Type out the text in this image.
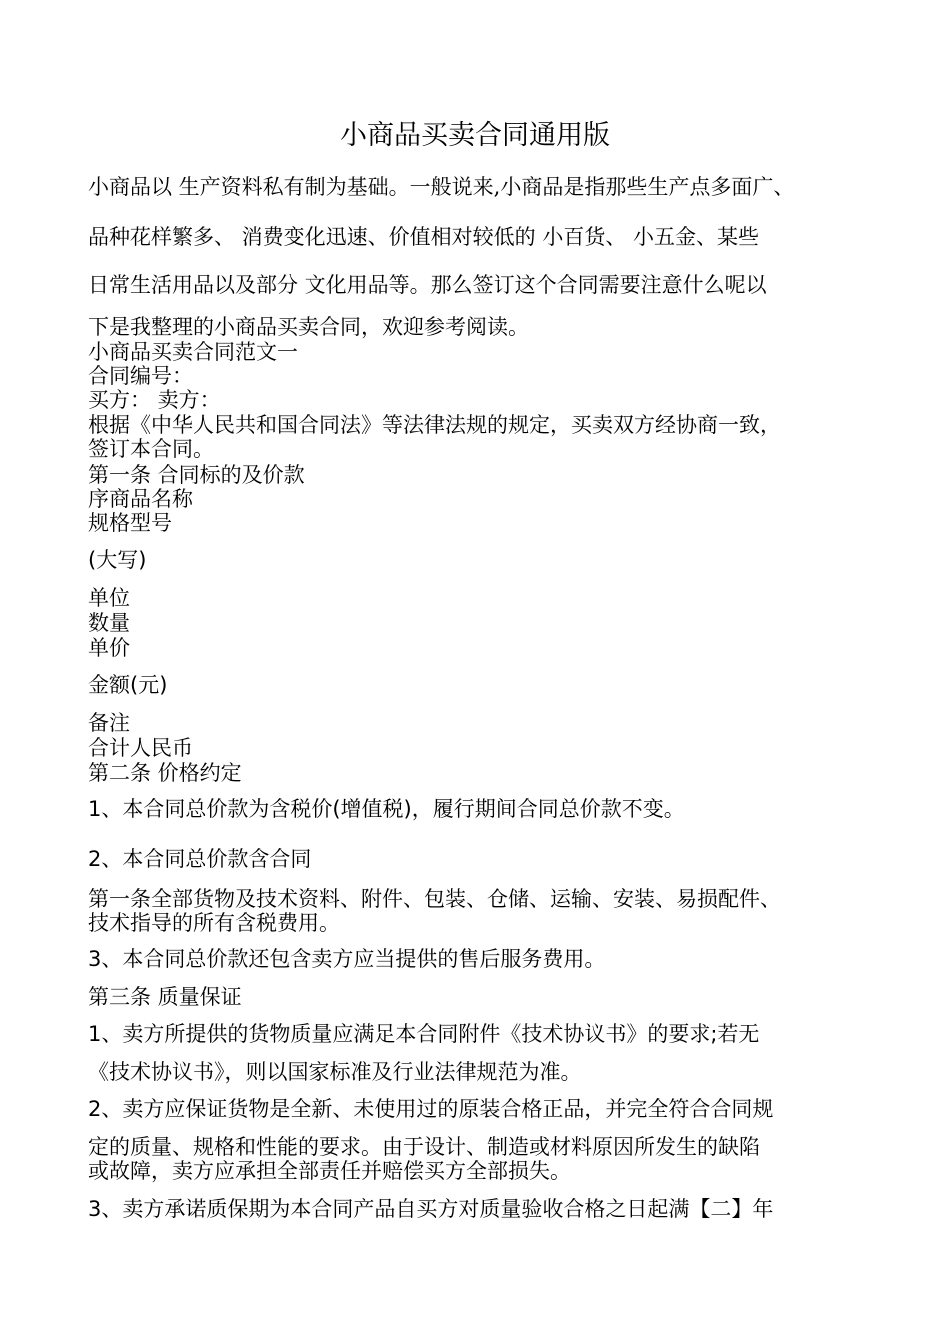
小商品买卖合同通用版
小商品以 生产资料私有制为基础。一般说来,小商品是指那些生产点多面广、
品种花样繁多、 消费变化迅速、价值相对较低的 小百货、 小五金、某些
日常生活用品以及部分 文化用品等。那么签订这个合同需要注意什么呢以
下是我整理的小商品买卖合同，欢迎参考阅读。
小商品买卖合同范文一
合同编号：
买方： 卖方：
根据《中华人民共和国合同法》等法律法规的规定，买卖双方经协商一致，
签订本合同。
第一条 合同标的及价款
序商品名称
规格型号
(大写)
单位
数量
单价
金额(元)
备注
合计人民币
第二条 价格约定
1、本合同总价款为含税价(增值税)，履行期间合同总价款不变。
2、本合同总价款含合同
第一条全部货物及技术资料、附件、包装、仓储、运输、安装、易损配件、
技术指导的所有含税费用。
3、本合同总价款还包含卖方应当提供的售后服务费用。
第三条 质量保证
1、卖方所提供的货物质量应满足本合同附件《技术协议书》的要求;若无
《技术协议书》，则以国家标准及行业法律规范为准。
2、卖方应保证货物是全新、未使用过的原装合格正品，并完全符合合同规
定的质量、规格和性能的要求。由于设计、制造或材料原因所发生的缺陷
或故障，卖方应承担全部责任并赔偿买方全部损失。
3、卖方承诺质保期为本合同产品自买方对质量验收合格之日起满【二】年
